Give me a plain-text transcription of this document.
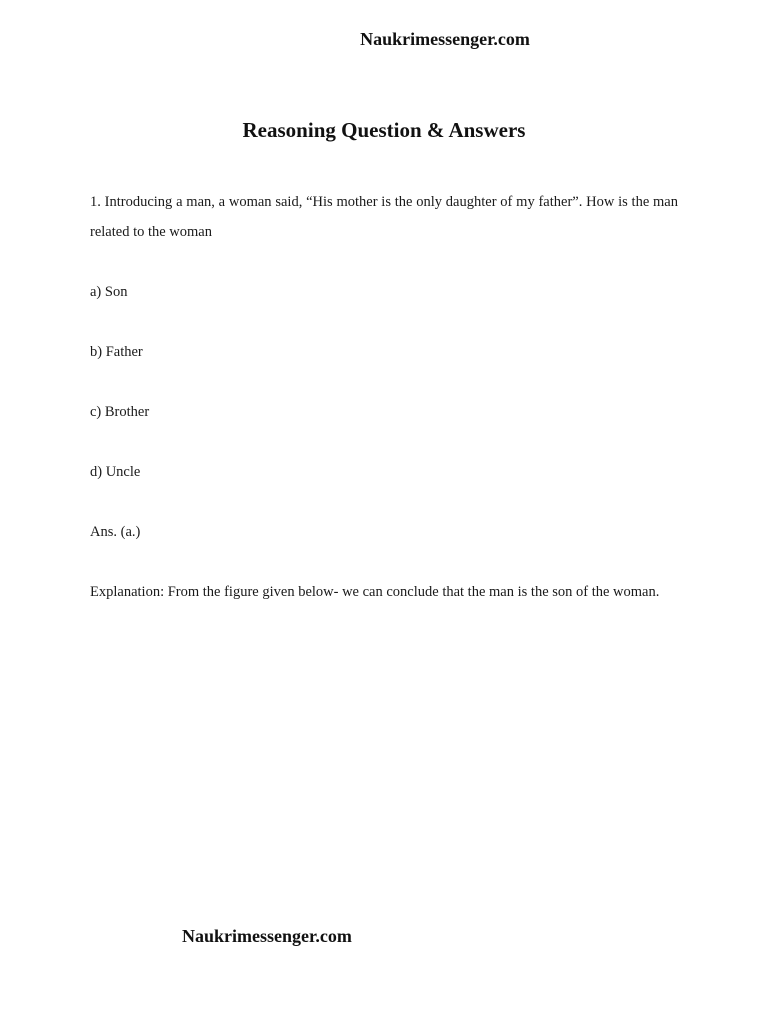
Naukrimessenger.com
Reasoning Question & Answers
1. Introducing a man, a woman said, “His mother is the only daughter of my father”. How is the man related to the woman
a) Son
b) Father
c) Brother
d) Uncle
Ans. (a.)
Explanation: From the figure given below- we can conclude that the man is the son of the woman.
Naukrimessenger.com
